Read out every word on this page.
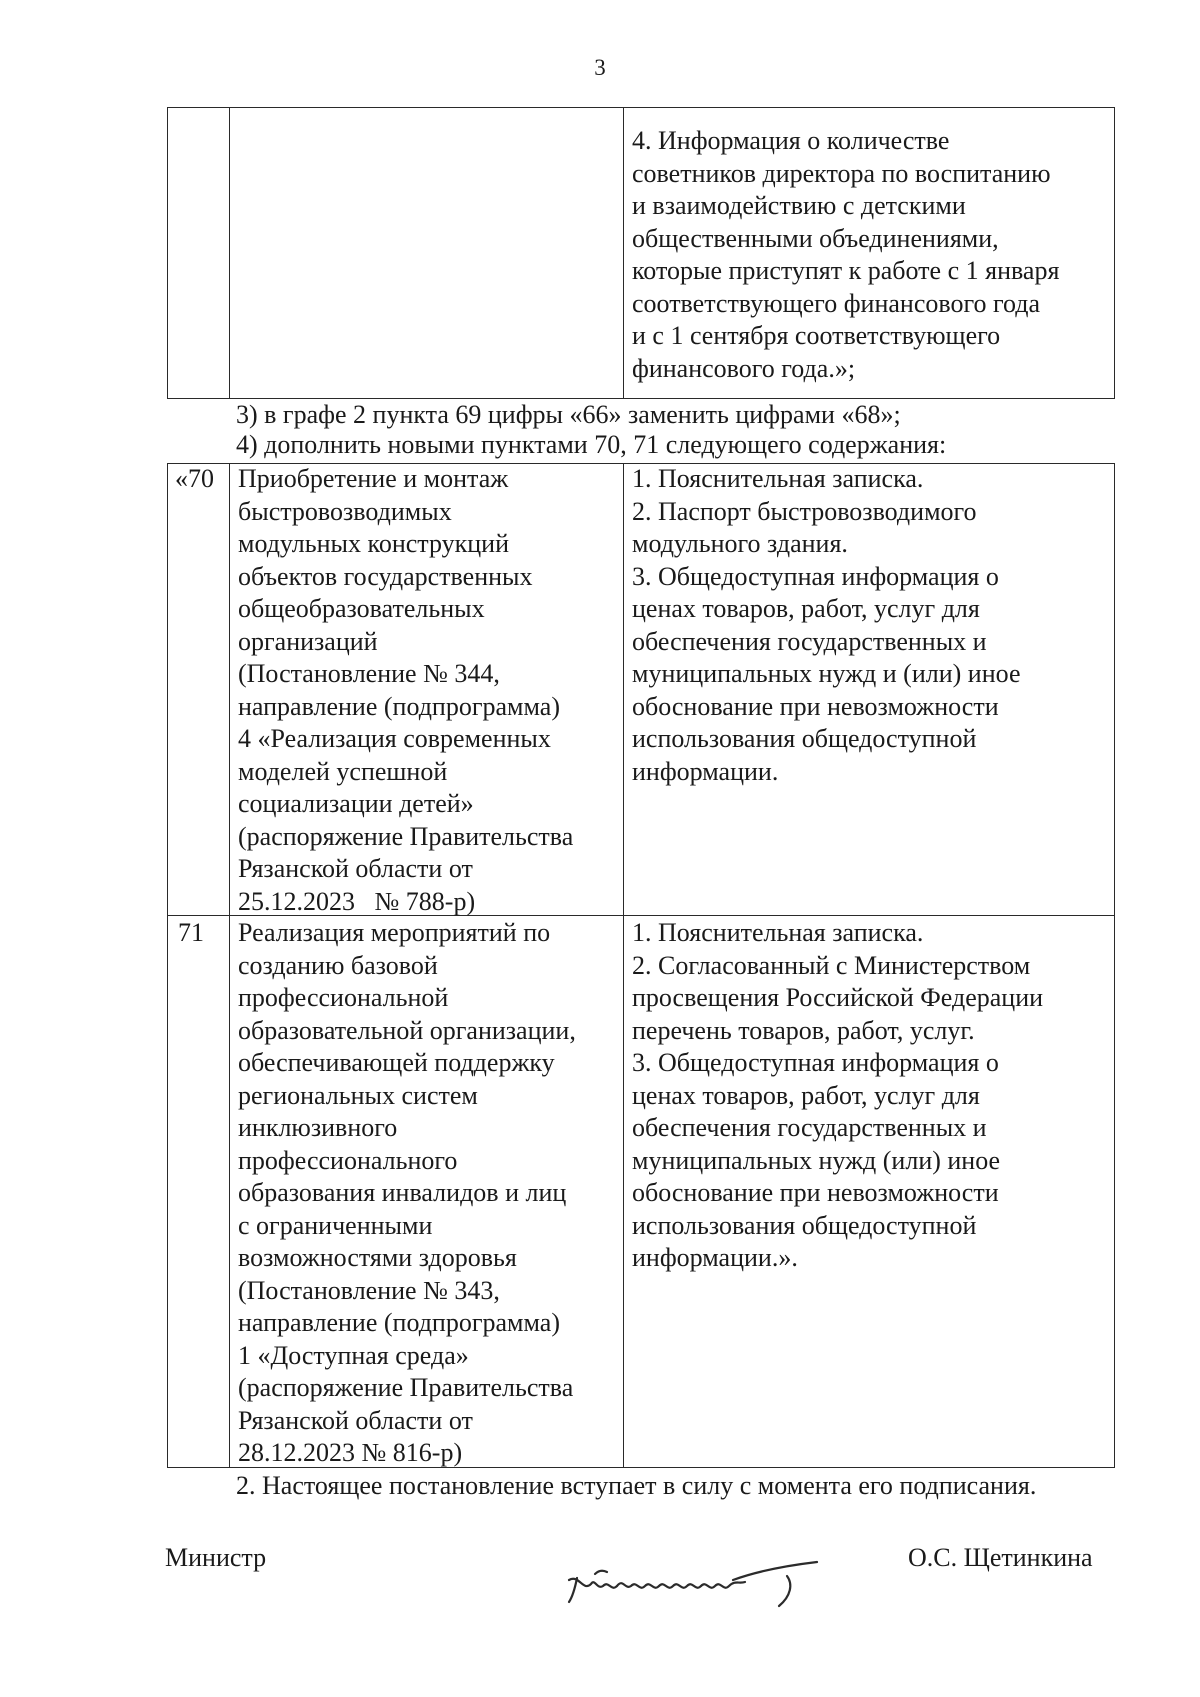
3
4. Информация о количестве
советников директора по воспитанию
и взаимодействию с детскими
общественными объединениями,
которые приступят к работе с 1 января
соответствующего финансового года
и с 1 сентября соответствующего
финансового года.»;
3) в графе 2 пункта 69 цифры «66» заменить цифрами «68»;
4) дополнить новыми пунктами 70, 71 следующего содержания:
«70 Приобретение и монтаж
быстровозводимых
модульных конструкций
объектов государственных
общеобразовательных
организаций
(Постановление № 344,
направление (подпрограмма)
4 «Реализация современных
моделей успешной
социализации детей»
(распоряжение Правительства
Рязанской области от
25.12.2023   № 788-р)
1. Пояснительная записка.
2. Паспорт быстровозводимого
модульного здания.
3. Общедоступная информация о
ценах товаров, работ, услуг для
обеспечения государственных и
муниципальных нужд и (или) иное
обоснование при невозможности
использования общедоступной
информации.
71 Реализация мероприятий по
созданию базовой
профессиональной
образовательной организации,
обеспечивающей поддержку
региональных систем
инклюзивного
профессионального
образования инвалидов и лиц
с ограниченными
возможностями здоровья
(Постановление № 343,
направление (подпрограмма)
1 «Доступная среда»
(распоряжение Правительства
Рязанской области от
28.12.2023 № 816-р)
1. Пояснительная записка.
2. Согласованный с Министерством
просвещения Российской Федерации
перечень товаров, работ, услуг.
3. Общедоступная информация о
ценах товаров, работ, услуг для
обеспечения государственных и
муниципальных нужд (или) иное
обоснование при невозможности
использования общедоступной
информации.».
2. Настоящее постановление вступает в силу с момента его подписания.
Министр	О.С. Щетинкина
